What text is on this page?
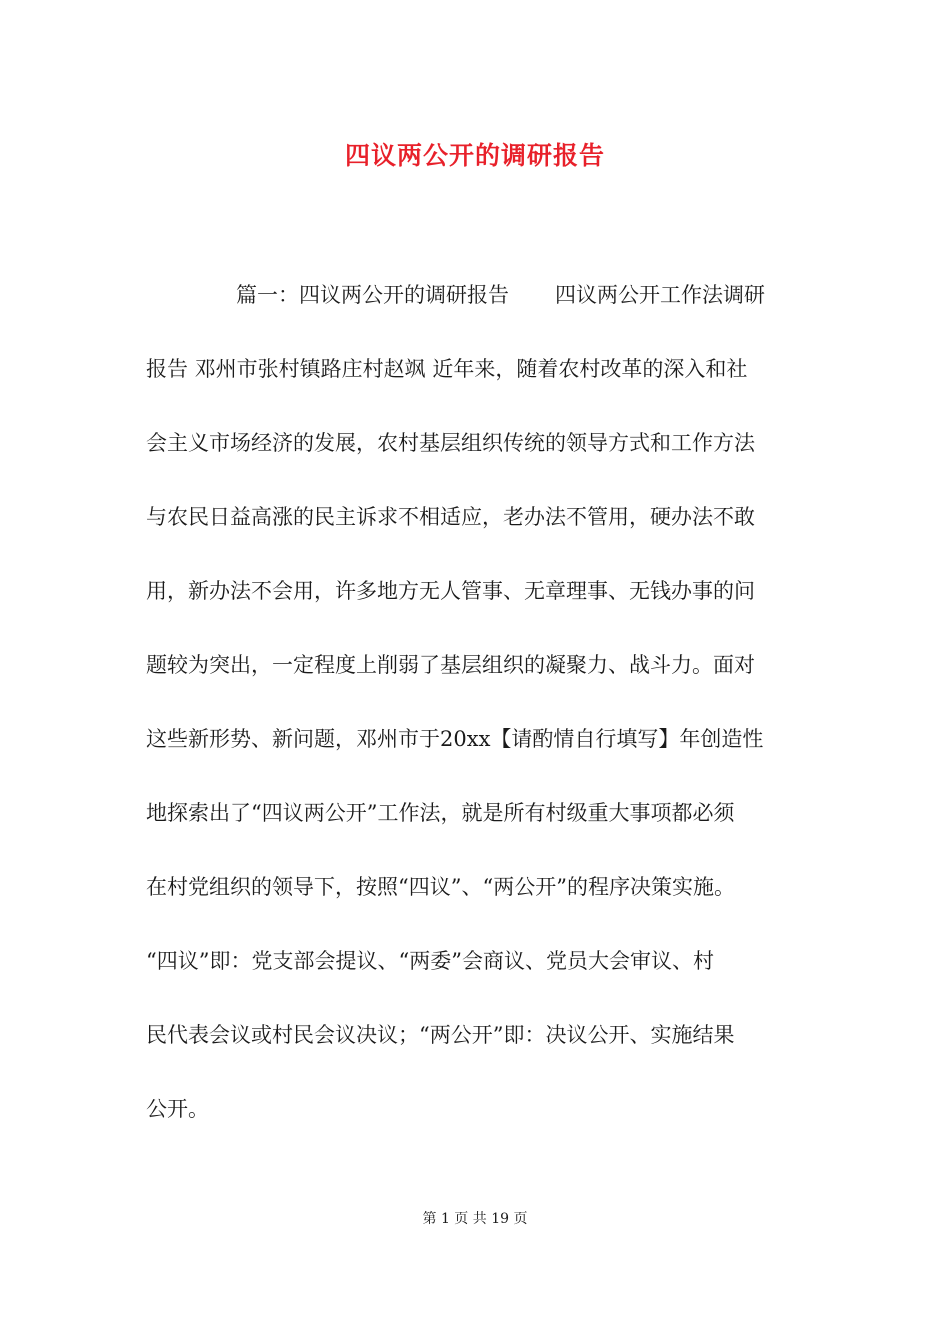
四议两公开的调研报告

篇一：四议两公开的调研报告 四议两公开工作法调研

报告 邓州市张村镇路庄村赵飒 近年来，随着农村改革的深入和社

会主义市场经济的发展，农村基层组织传统的领导方式和工作方法

与农民日益高涨的民主诉求不相适应，老办法不管用，硬办法不敢

用，新办法不会用，许多地方无人管事、无章理事、无钱办事的问

题较为突出，一定程度上削弱了基层组织的凝聚力、战斗力。面对

这些新形势、新问题，邓州市于20xx【请酌情自行填写】年创造性

地探索出了“四议两公开”工作法，就是所有村级重大事项都必须

在村党组织的领导下，按照“四议”、“两公开”的程序决策实施。

“四议”即：党支部会提议、“两委”会商议、党员大会审议、村

民代表会议或村民会议决议；“两公开”即：决议公开、实施结果

公开。

第 1 页 共 19 页
